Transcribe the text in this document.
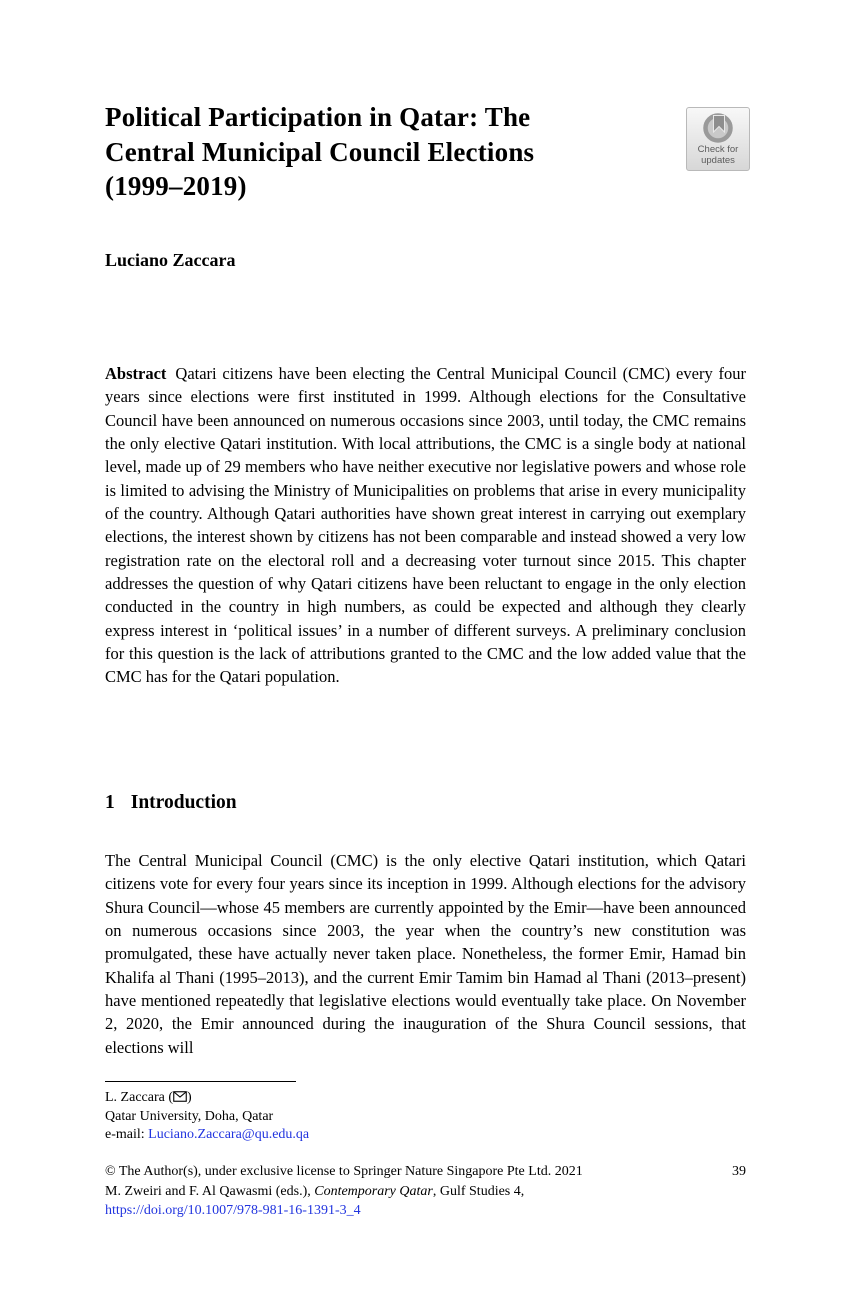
Political Participation in Qatar: The
Central Municipal Council Elections
(1999–2019)
Check for
updates
Luciano Zaccara

Abstract Qatari citizens have been electing the Central Municipal Council (CMC) every four years since elections were first instituted in 1999. Although elections for the Consultative Council have been announced on numerous occasions since 2003, until today, the CMC remains the only elective Qatari institution. With local attributions, the CMC is a single body at national level, made up of 29 members who have neither executive nor legislative powers and whose role is limited to advising the Ministry of Municipalities on problems that arise in every municipality of the country. Although Qatari authorities have shown great interest in carrying out exemplary elections, the interest shown by citizens has not been comparable and instead showed a very low registration rate on the electoral roll and a decreasing voter turnout since 2015. This chapter addresses the question of why Qatari citizens have been reluctant to engage in the only election conducted in the country in high numbers, as could be expected and although they clearly express interest in ‘political issues’ in a number of different surveys. A preliminary conclusion for this question is the lack of attributions granted to the CMC and the low added value that the CMC has for the Qatari population.

1 Introduction

The Central Municipal Council (CMC) is the only elective Qatari institution, which Qatari citizens vote for every four years since its inception in 1999. Although elections for the advisory Shura Council—whose 45 members are currently appointed by the Emir—have been announced on numerous occasions since 2003, the year when the country’s new constitution was promulgated, these have actually never taken place. Nonetheless, the former Emir, Hamad bin Khalifa al Thani (1995–2013), and the current Emir Tamim bin Hamad al Thani (2013–present) have mentioned repeatedly that legislative elections would eventually take place. On November 2, 2020, the Emir announced during the inauguration of the Shura Council sessions, that elections will

L. Zaccara ( )
Qatar University, Doha, Qatar
e-mail: Luciano.Zaccara@qu.edu.qa
© The Author(s), under exclusive license to Springer Nature Singapore Pte Ltd. 2021	39
M. Zweiri and F. Al Qawasmi (eds.), Contemporary Qatar, Gulf Studies 4,
https://doi.org/10.1007/978-981-16-1391-3_4
